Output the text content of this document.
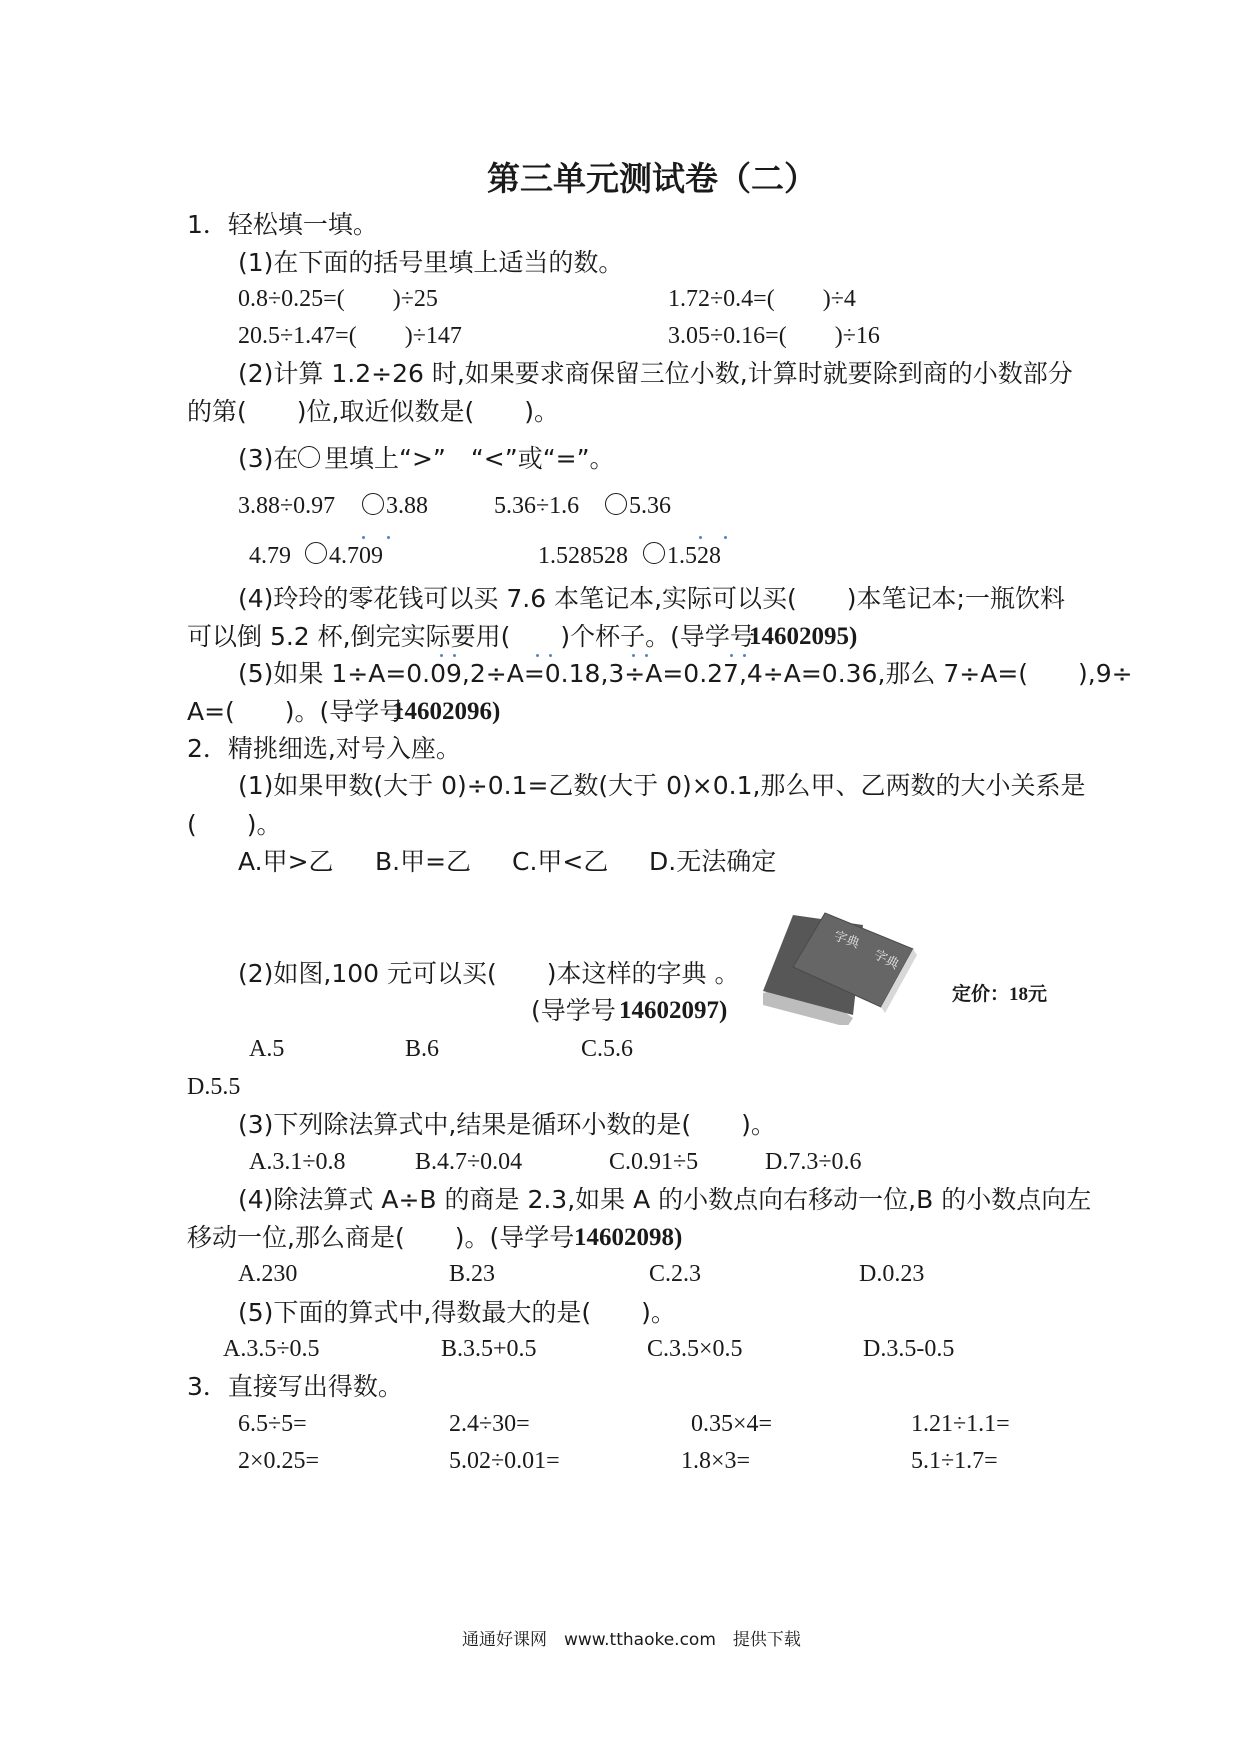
第三单元测试卷（二）
1．轻松填一填。
(1)在下面的括号里填上适当的数。
0.8÷0.25=(　　)÷25	1.72÷0.4=(　　)÷4
20.5÷1.47=(　　)÷147	3.05÷0.16=(　　)÷16
(2)计算 1.2÷26 时,如果要求商保留三位小数,计算时就要除到商的小数部分
的第(　　)位,取近似数是(　　)。
(3)在 里填上“>”　“<”或“=”。
3.88÷0.97 3.88	5.36÷1.6 5.36
4.79 4.709	1.528528 1.528
(4)玲玲的零花钱可以买 7.6 本笔记本,实际可以买(　　)本笔记本;一瓶饮料
可以倒 5.2 杯,倒完实际要用(　　)个杯子。(导学号
14602095)
(5)如果 1÷A=0.09,2÷A=0.18,3÷A=0.27,4÷A=0.36,那么 7÷A=(　　),9÷
A=(　　)。(导学号
14602096)
2．精挑细选,对号入座。
(1)如果甲数(大于 0)÷0.1=乙数(大于 0)×0.1,那么甲、乙两数的大小关系是
(　　)。
A.甲>乙 B.甲=乙 C.甲<乙 D.无法确定
(2)如图,100 元可以买(　　)本这样的字典 。
(导学号 14602097)
字典
字典
定价：18元
A.5	B.6	C.5.6
D.5.5
(3)下列除法算式中,结果是循环小数的是(　　)。
A.3.1÷0.8	B.4.7÷0.04	C.0.91÷5	D.7.3÷0.6
(4)除法算式 A÷B 的商是 2.3,如果 A 的小数点向右移动一位,B 的小数点向左
移动一位,那么商是(　　)。(导学号 14602098)
A.230	B.23	C.2.3	D.0.23
(5)下面的算式中,得数最大的是(　　)。
A.3.5÷0.5	B.3.5+0.5	C.3.5×0.5	D.3.5-0.5
3．直接写出得数。
6.5÷5=	2.4÷30=	0.35×4=	1.21÷1.1=
2×0.25=	5.02÷0.01=	1.8×3=	5.1÷1.7=
通通好课网　www.tthaoke.com　提供下载
